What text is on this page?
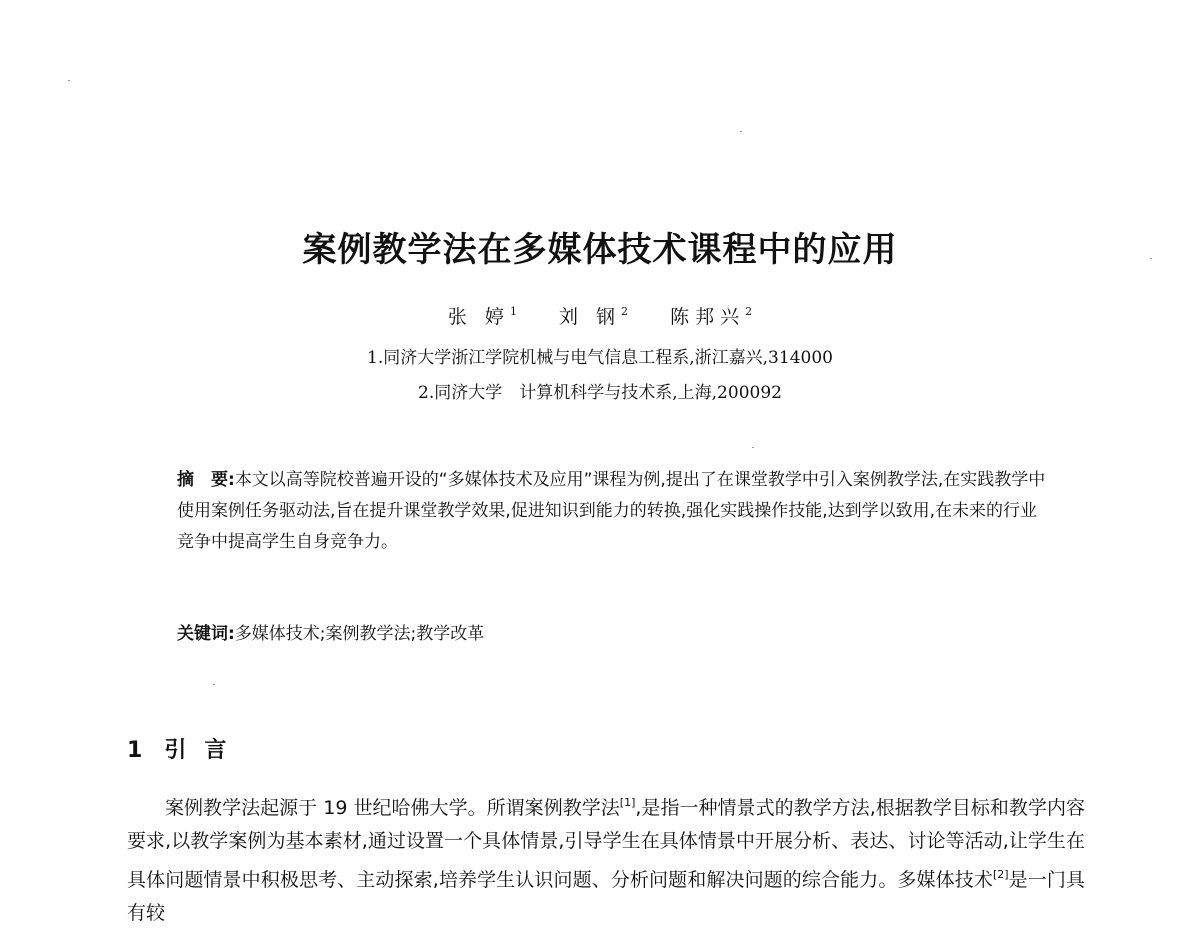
案例教学法在多媒体技术课程中的应用
张 婷$^1$ 刘 钢$^2$ 陈邦兴$^2$
1.同济大学浙江学院机械与电气信息工程系,浙江嘉兴,314000
2.同济大学　计算机科学与技术系,上海,200092
摘　要:本文以高等院校普遍开设的“多媒体技术及应用”课程为例,提出了在课堂教学中引入案例教学法,在实践教学中使用案例任务驱动法,旨在提升课堂教学效果,促进知识到能力的转换,强化实践操作技能,达到学以致用,在未来的行业竞争中提高学生自身竞争力。
关键词:多媒体技术;案例教学法;教学改革
1 引言
案例教学法起源于 19 世纪哈佛大学。所谓案例教学法[1],是指一种情景式的教学方法,根据教学目标和教学内容要求,以教学案例为基本素材,通过设置一个具体情景,引导学生在具体情景中开展分析、表达、讨论等活动,让学生在具体问题情景中积极思考、主动探索,培养学生认识问题、分析问题和解决问题的综合能力。多媒体技术[2]是一门具有较
